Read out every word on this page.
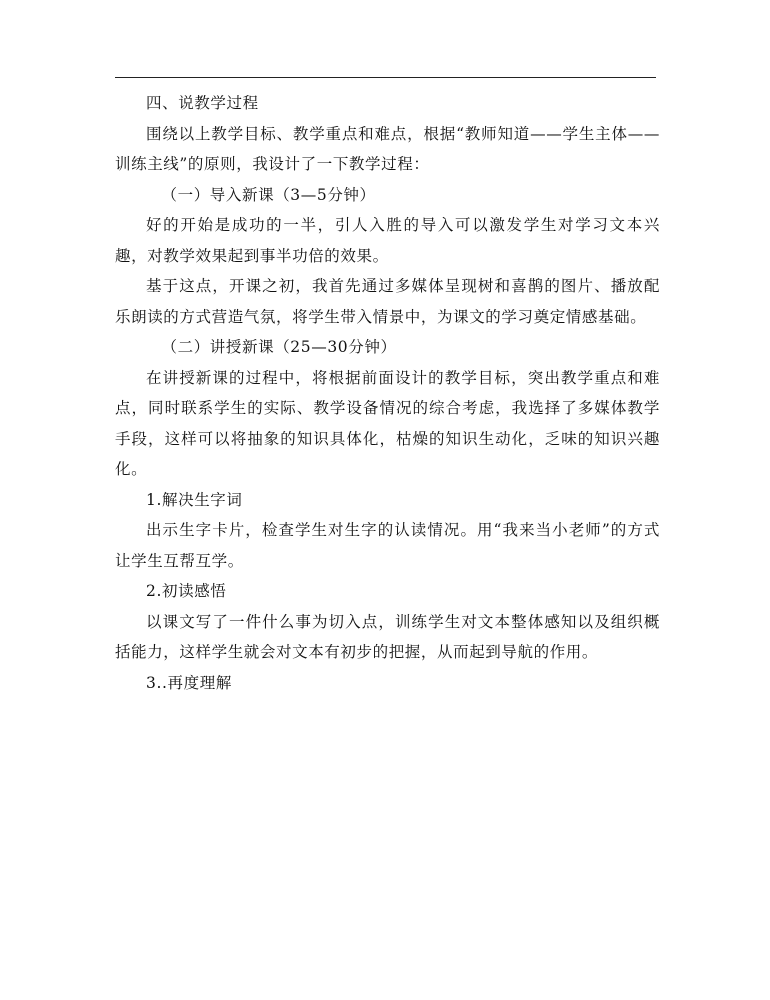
四、说教学过程

围绕以上教学目标、教学重点和难点，根据“教师知道——学生主体——训练主线”的原则，我设计了一下教学过程：

（一）导入新课（3—5分钟）

好的开始是成功的一半，引人入胜的导入可以激发学生对学习文本兴趣，对教学效果起到事半功倍的效果。

基于这点，开课之初，我首先通过多媒体呈现树和喜鹊的图片、播放配乐朗读的方式营造气氛，将学生带入情景中，为课文的学习奠定情感基础。

（二）讲授新课（25—30分钟）

在讲授新课的过程中，将根据前面设计的教学目标，突出教学重点和难点，同时联系学生的实际、教学设备情况的综合考虑，我选择了多媒体教学手段，这样可以将抽象的知识具体化，枯燥的知识生动化，乏味的知识兴趣化。

1.解决生字词

出示生字卡片，检查学生对生字的认读情况。用“我来当小老师”的方式让学生互帮互学。

2.初读感悟

以课文写了一件什么事为切入点，训练学生对文本整体感知以及组织概括能力，这样学生就会对文本有初步的把握，从而起到导航的作用。

3..再度理解
